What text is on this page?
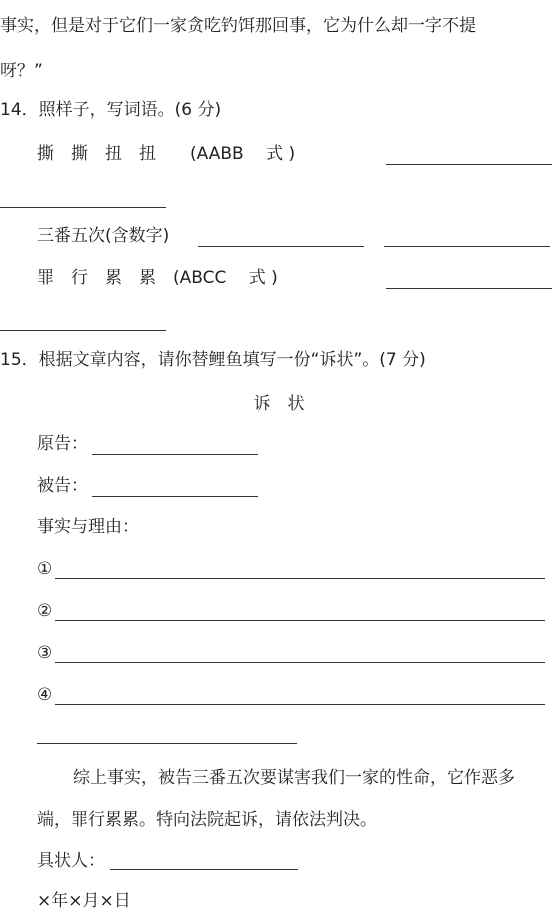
事实，但是对于它们一家贪吃钓饵那回事，它为什么却一字不提
呀？”
14．照样子，写词语。(6 分)
撕　撕　扭　扭　　(AABB　 式 )
三番五次(含数字)
罪　行　累　累　(ABCC　 式 )
15．根据文章内容，请你替鲤鱼填写一份“诉状”。(7 分)
诉　状
原告：
被告：
事实与理由：
①
②
③
④
综上事实，被告三番五次要谋害我们一家的性命，它作恶多
端，罪行累累。特向法院起诉，请依法判决。
具状人：
×年×月×日
